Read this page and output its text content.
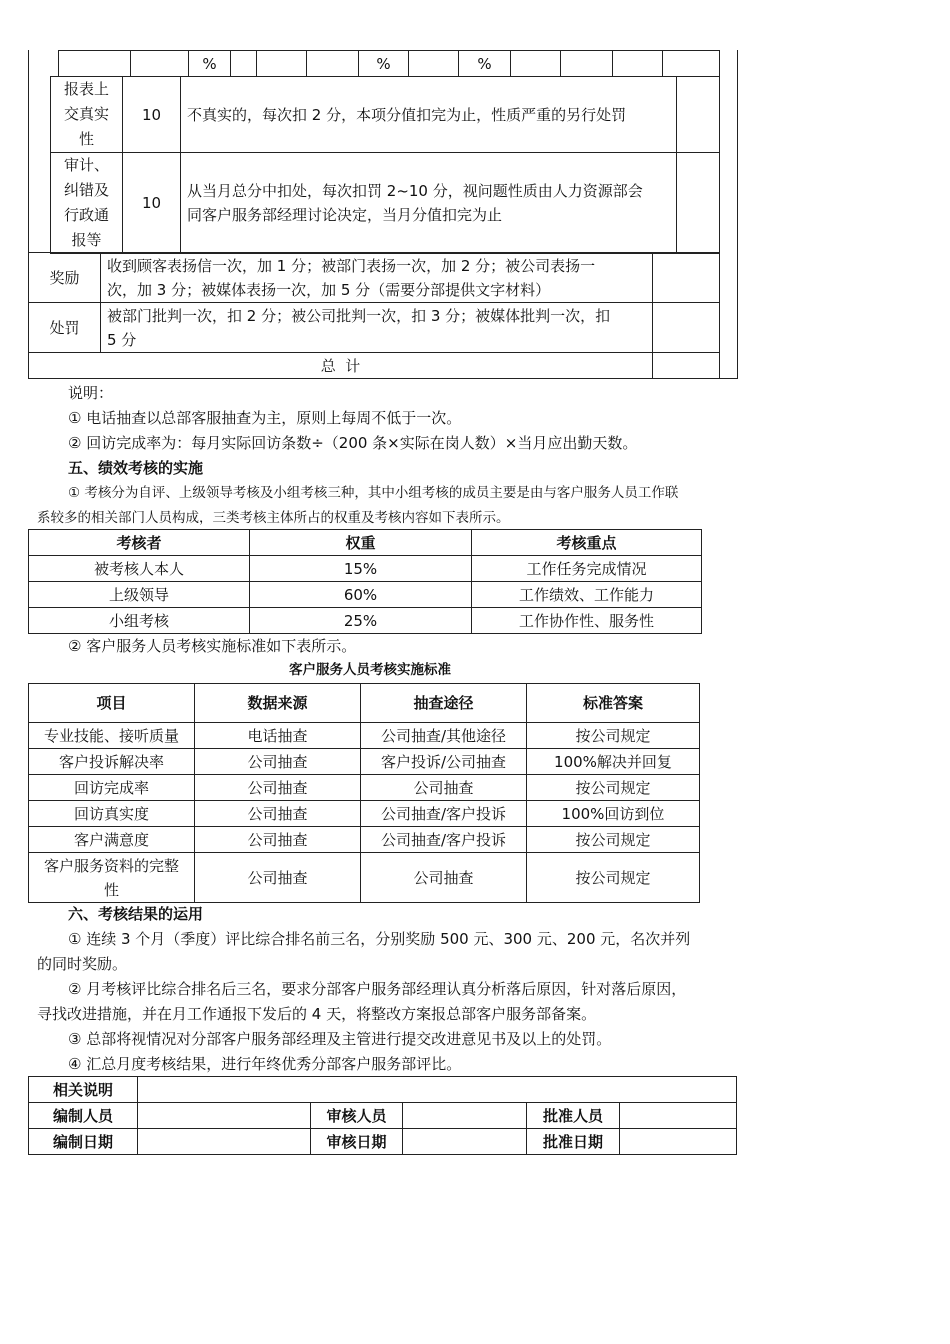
		%				%		%				
报表上交真实性	10	不真实的，每次扣 2 分，本项分值扣完为止，性质严重的另行处罚	

审计、纠错及行政通报等	10	从当月总分中扣处，每次扣罚 2~10 分，视问题性质由人力资源部会
同客户服务部经理讨论决定，当月分值扣完为止	

奖励	收到顾客表扬信一次，加 1 分；被部门表扬一次，加 2 分；被公司表扬一
次，加 3 分；被媒体表扬一次，加 5 分（需要分部提供文字材料）	

处罚	被部门批判一次，扣 2 分；被公司批判一次，扣 3 分；被媒体批判一次，扣
5 分	

总  计		
说明：
① 电话抽查以总部客服抽查为主，原则上每周不低于一次。
② 回访完成率为：每月实际回访条数÷（200 条×实际在岗人数）×当月应出勤天数。
五、绩效考核的实施
① 考核分为自评、上级领导考核及小组考核三种，其中小组考核的成员主要是由与客户服务人员工作联
系较多的相关部门人员构成，三类考核主体所占的权重及考核内容如下表所示。
考核者	权重	考核重点
被考核人本人	15%	工作任务完成情况
上级领导	60%	工作绩效、工作能力
小组考核	25%	工作协作性、服务性
② 客户服务人员考核实施标准如下表所示。
客户服务人员考核实施标准
项目	数据来源	抽查途径	标准答案
专业技能、接听质量	电话抽查	公司抽查/其他途径	按公司规定
客户投诉解决率	公司抽查	客户投诉/公司抽查	100%解决并回复
回访完成率	公司抽查	公司抽查	按公司规定
回访真实度	公司抽查	公司抽查/客户投诉	100%回访到位
客户满意度	公司抽查	公司抽查/客户投诉	按公司规定

客户服务资料的完整
性	公司抽查	公司抽查	按公司规定
六、考核结果的运用
① 连续 3 个月（季度）评比综合排名前三名，分别奖励 500 元、300 元、200 元，名次并列
的同时奖励。
② 月考核评比综合排名后三名，要求分部客户服务部经理认真分析落后原因，针对落后原因，
寻找改进措施，并在月工作通报下发后的 4 天，将整改方案报总部客户服务部备案。
③ 总部将视情况对分部客户服务部经理及主管进行提交改进意见书及以上的处罚。
④ 汇总月度考核结果，进行年终优秀分部客户服务部评比。
相关说明					
编制人员		审核人员		批准人员	
编制日期		审核日期		批准日期	
